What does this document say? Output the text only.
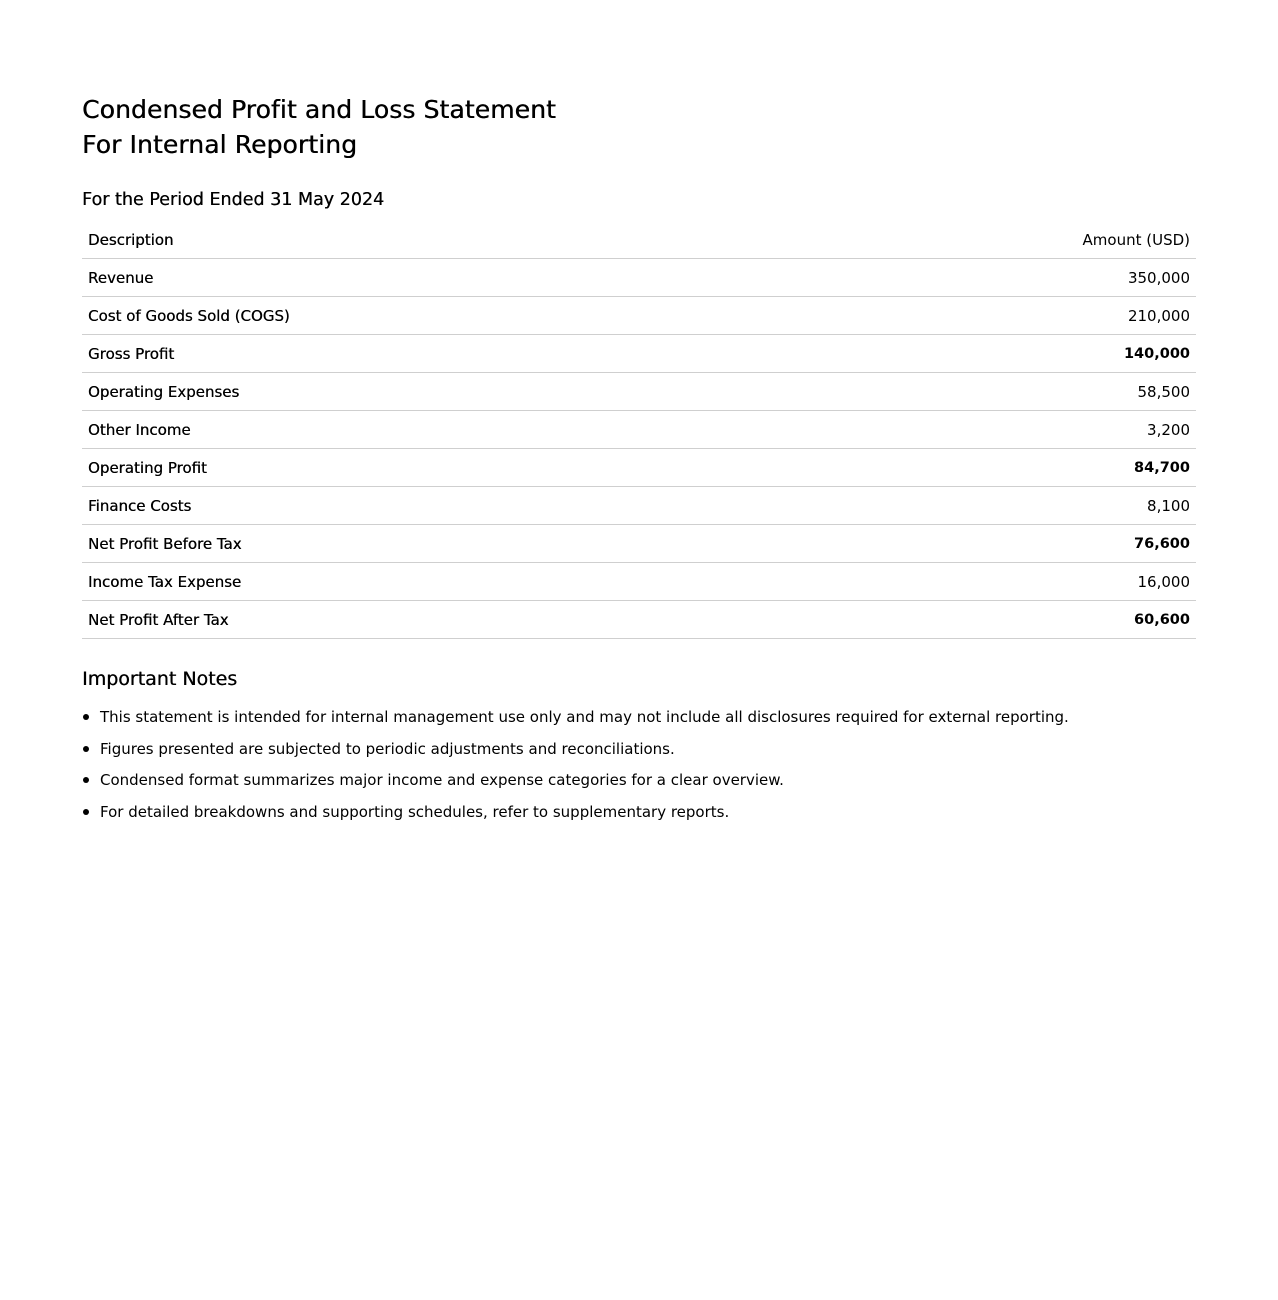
Condensed Profit and Loss Statement
For Internal Reporting
For the Period Ended 31 May 2024
Description	Amount (USD)
Revenue	350,000
Cost of Goods Sold (COGS)	210,000
Gross Profit	140,000
Operating Expenses	58,500
Other Income	3,200
Operating Profit	84,700
Finance Costs	8,100
Net Profit Before Tax	76,600
Income Tax Expense	16,000
Net Profit After Tax	60,600
Important Notes
This statement is intended for internal management use only and may not include all disclosures required for external reporting.
Figures presented are subjected to periodic adjustments and reconciliations.
Condensed format summarizes major income and expense categories for a clear overview.
For detailed breakdowns and supporting schedules, refer to supplementary reports.
